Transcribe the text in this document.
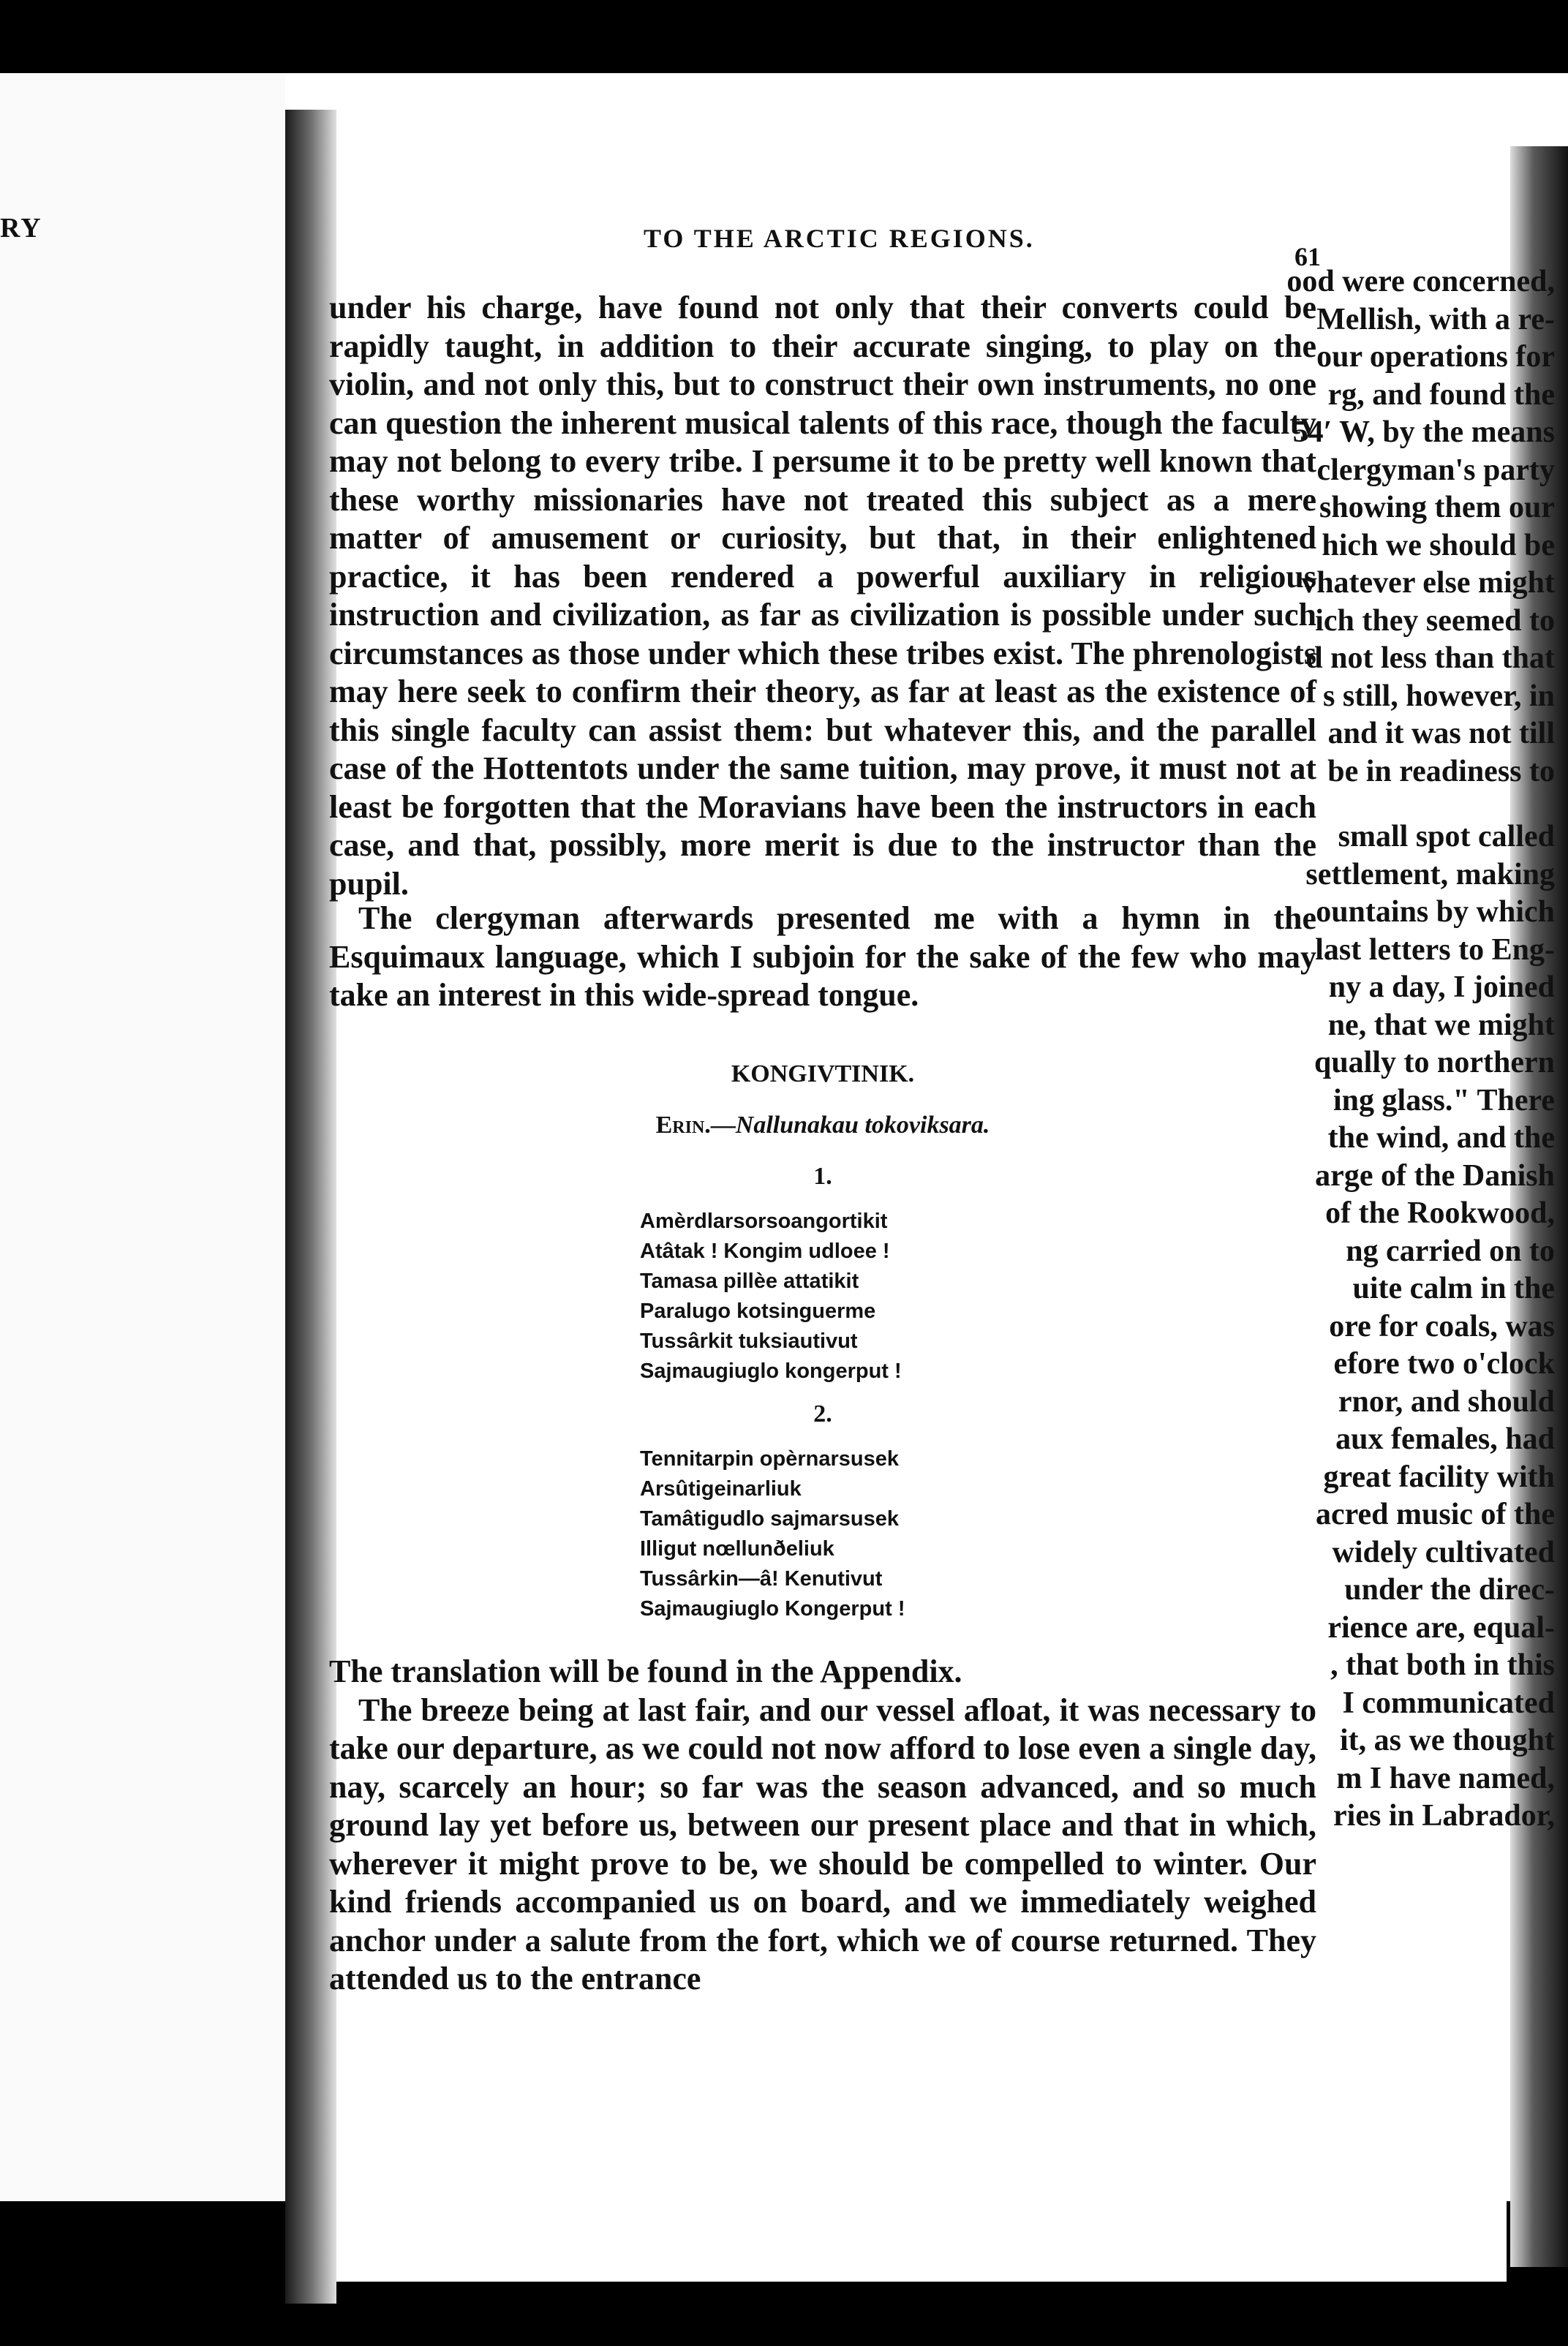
RY
ood were concerned,
Mellish, with a re-
our operations for
rg, and found the
54′ W, by the means
clergyman's party
showing them our
hich we should be
vhatever else might
ich they seemed to
d not less than that
s still, however, in
and it was not till
be in readiness to
small spot called
settlement, making
ountains by which
last letters to Eng-
ny a day, I joined
ne, that we might
qually to northern
ing glass." There
the wind, and the
arge of the Danish
of the Rookwood,
ng carried on to
uite calm in the
ore for coals, was
efore two o'clock
rnor, and should
aux females, had
great facility with
acred music of the
widely cultivated
under the direc-
rience are, equal-
, that both in this
I communicated
it, as we thought
m I have named,
ries in Labrador,
TO THE ARCTIC REGIONS.
61

under his charge, have found not only that their converts could be rapidly taught, in addition to their accurate singing, to play on the violin, and not only this, but to construct their own instruments, no one can question the inherent musical talents of this race, though the faculty may not belong to every tribe. I persume it to be pretty well known that these worthy missionaries have not treated this subject as a mere matter of amusement or curiosity, but that, in their enlightened practice, it has been rendered a powerful auxiliary in religious instruction and civilization, as far as civilization is possible under such circumstances as those under which these tribes exist. The phrenologists may here seek to confirm their theory, as far at least as the existence of this single faculty can assist them: but whatever this, and the parallel case of the Hottentots under the same tuition, may prove, it must not at least be forgotten that the Moravians have been the instructors in each case, and that, possibly, more merit is due to the instructor than the pupil.

The clergyman afterwards presented me with a hymn in the Esquimaux language, which I subjoin for the sake of the few who may take an interest in this wide-spread tongue.

KONGIVTINIK.
Erin.—Nallunakau tokoviksara.
1.
Amèrdlarsorsoangortikit
Atâtak ! Kongim udloee !
Tamasa pillèe attatikit
Paralugo kotsinguerme
Tussârkit tuksiautivut
Sajmaugiuglo kongerput !
2.
Tennitarpin opèrnarsusek
Arsûtigeinarliuk
Tamâtigudlo sajmarsusek
Illigut nœllunðeliuk
Tussârkin—â! Kenutivut
Sajmaugiuglo Kongerput !

The translation will be found in the Appendix.

The breeze being at last fair, and our vessel afloat, it was necessary to take our departure, as we could not now afford to lose even a single day, nay, scarcely an hour; so far was the season advanced, and so much ground lay yet before us, between our present place and that in which, wherever it might prove to be, we should be compelled to winter. Our kind friends accompanied us on board, and we immediately weighed anchor under a salute from the fort, which we of course returned. They attended us to the entrance
